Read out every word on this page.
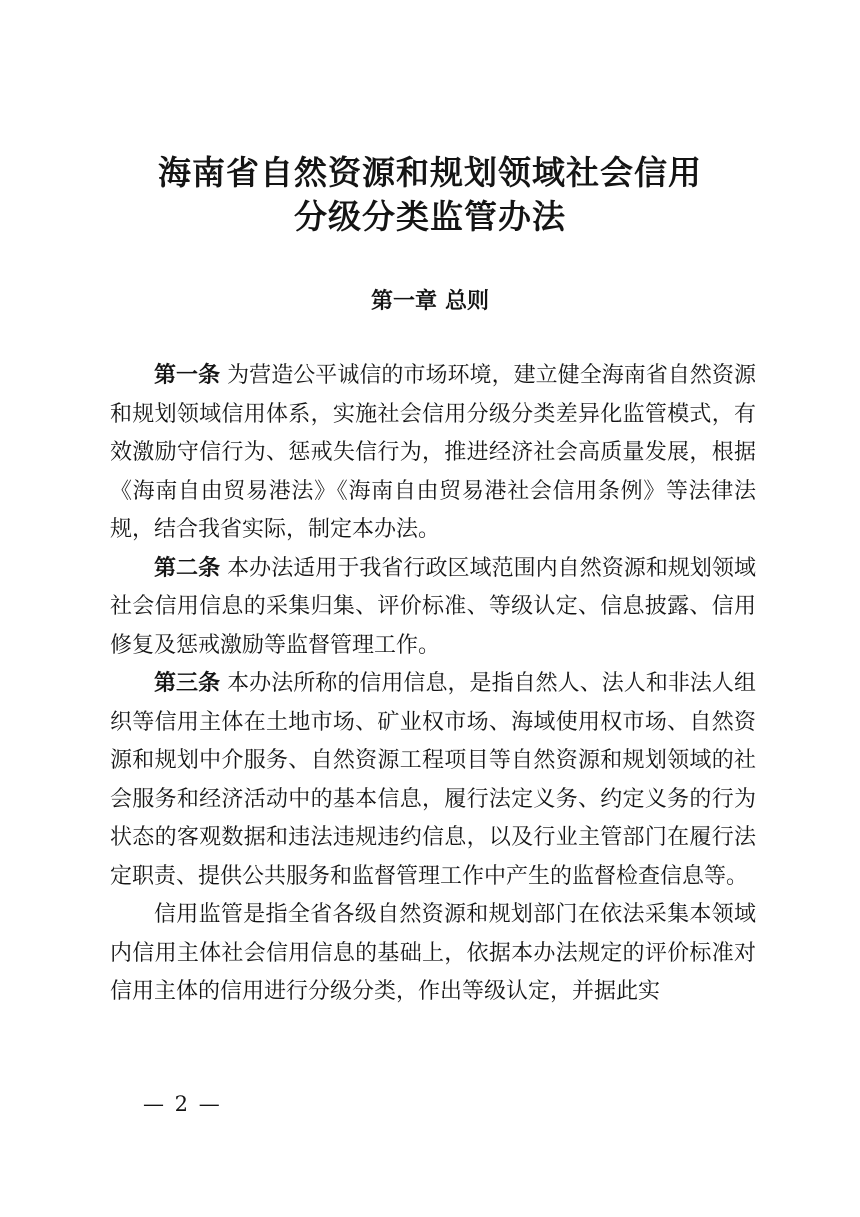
海南省自然资源和规划领域社会信用
分级分类监管办法
第一章 总则

第一条 为营造公平诚信的市场环境，建立健全海南省自然资源和规划领域信用体系，实施社会信用分级分类差异化监管模式，有效激励守信行为、惩戒失信行为，推进经济社会高质量发展，根据《海南自由贸易港法》《海南自由贸易港社会信用条例》等法律法规，结合我省实际，制定本办法。

第二条 本办法适用于我省行政区域范围内自然资源和规划领域社会信用信息的采集归集、评价标准、等级认定、信息披露、信用修复及惩戒激励等监督管理工作。

第三条 本办法所称的信用信息，是指自然人、法人和非法人组织等信用主体在土地市场、矿业权市场、海域使用权市场、自然资源和规划中介服务、自然资源工程项目等自然资源和规划领域的社会服务和经济活动中的基本信息，履行法定义务、约定义务的行为状态的客观数据和违法违规违约信息，以及行业主管部门在履行法定职责、提供公共服务和监督管理工作中产生的监督检查信息等。

信用监管是指全省各级自然资源和规划部门在依法采集本领域内信用主体社会信用信息的基础上，依据本办法规定的评价标准对信用主体的信用进行分级分类，作出等级认定，并据此实

— 2 —
